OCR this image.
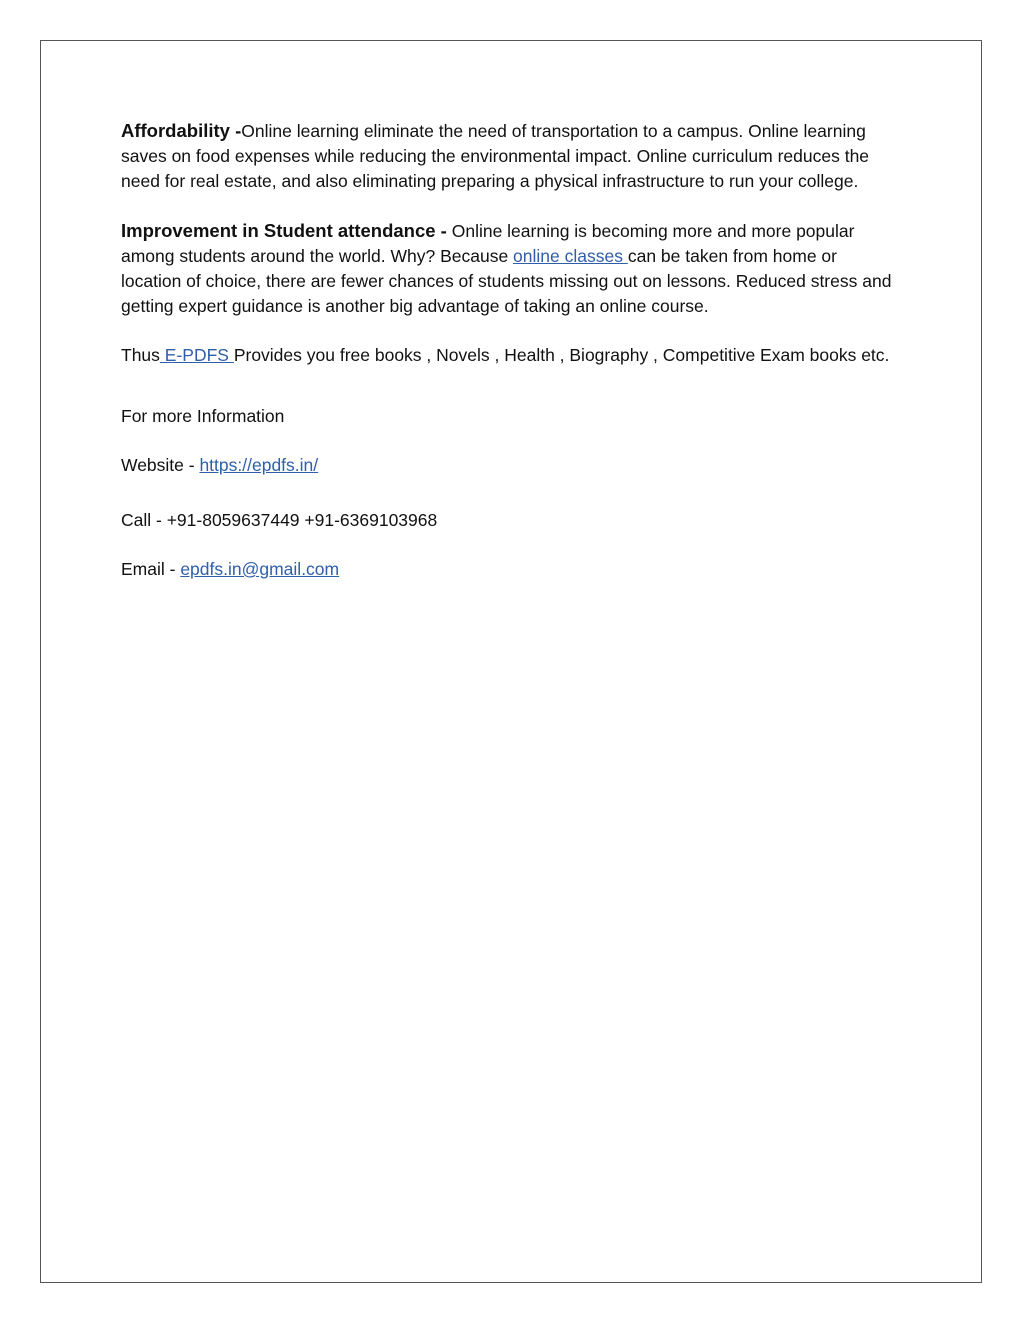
Affordability -Online learning eliminate the need of transportation to a campus. Online learning saves on food expenses while reducing the environmental impact. Online curriculum reduces the need for real estate, and also eliminating preparing a physical infrastructure to run your college.

Improvement in Student attendance - Online learning is becoming more and more popular among students around the world. Why? Because online classes can be taken from home or location of choice, there are fewer chances of students missing out on lessons. Reduced stress and getting expert guidance is another big advantage of taking an online course.

Thus E-PDFS Provides you free books , Novels , Health , Biography , Competitive Exam books etc.

For more Information

Website - https://epdfs.in/

Call - +91-8059637449 +91-6369103968

Email - epdfs.in@gmail.com
